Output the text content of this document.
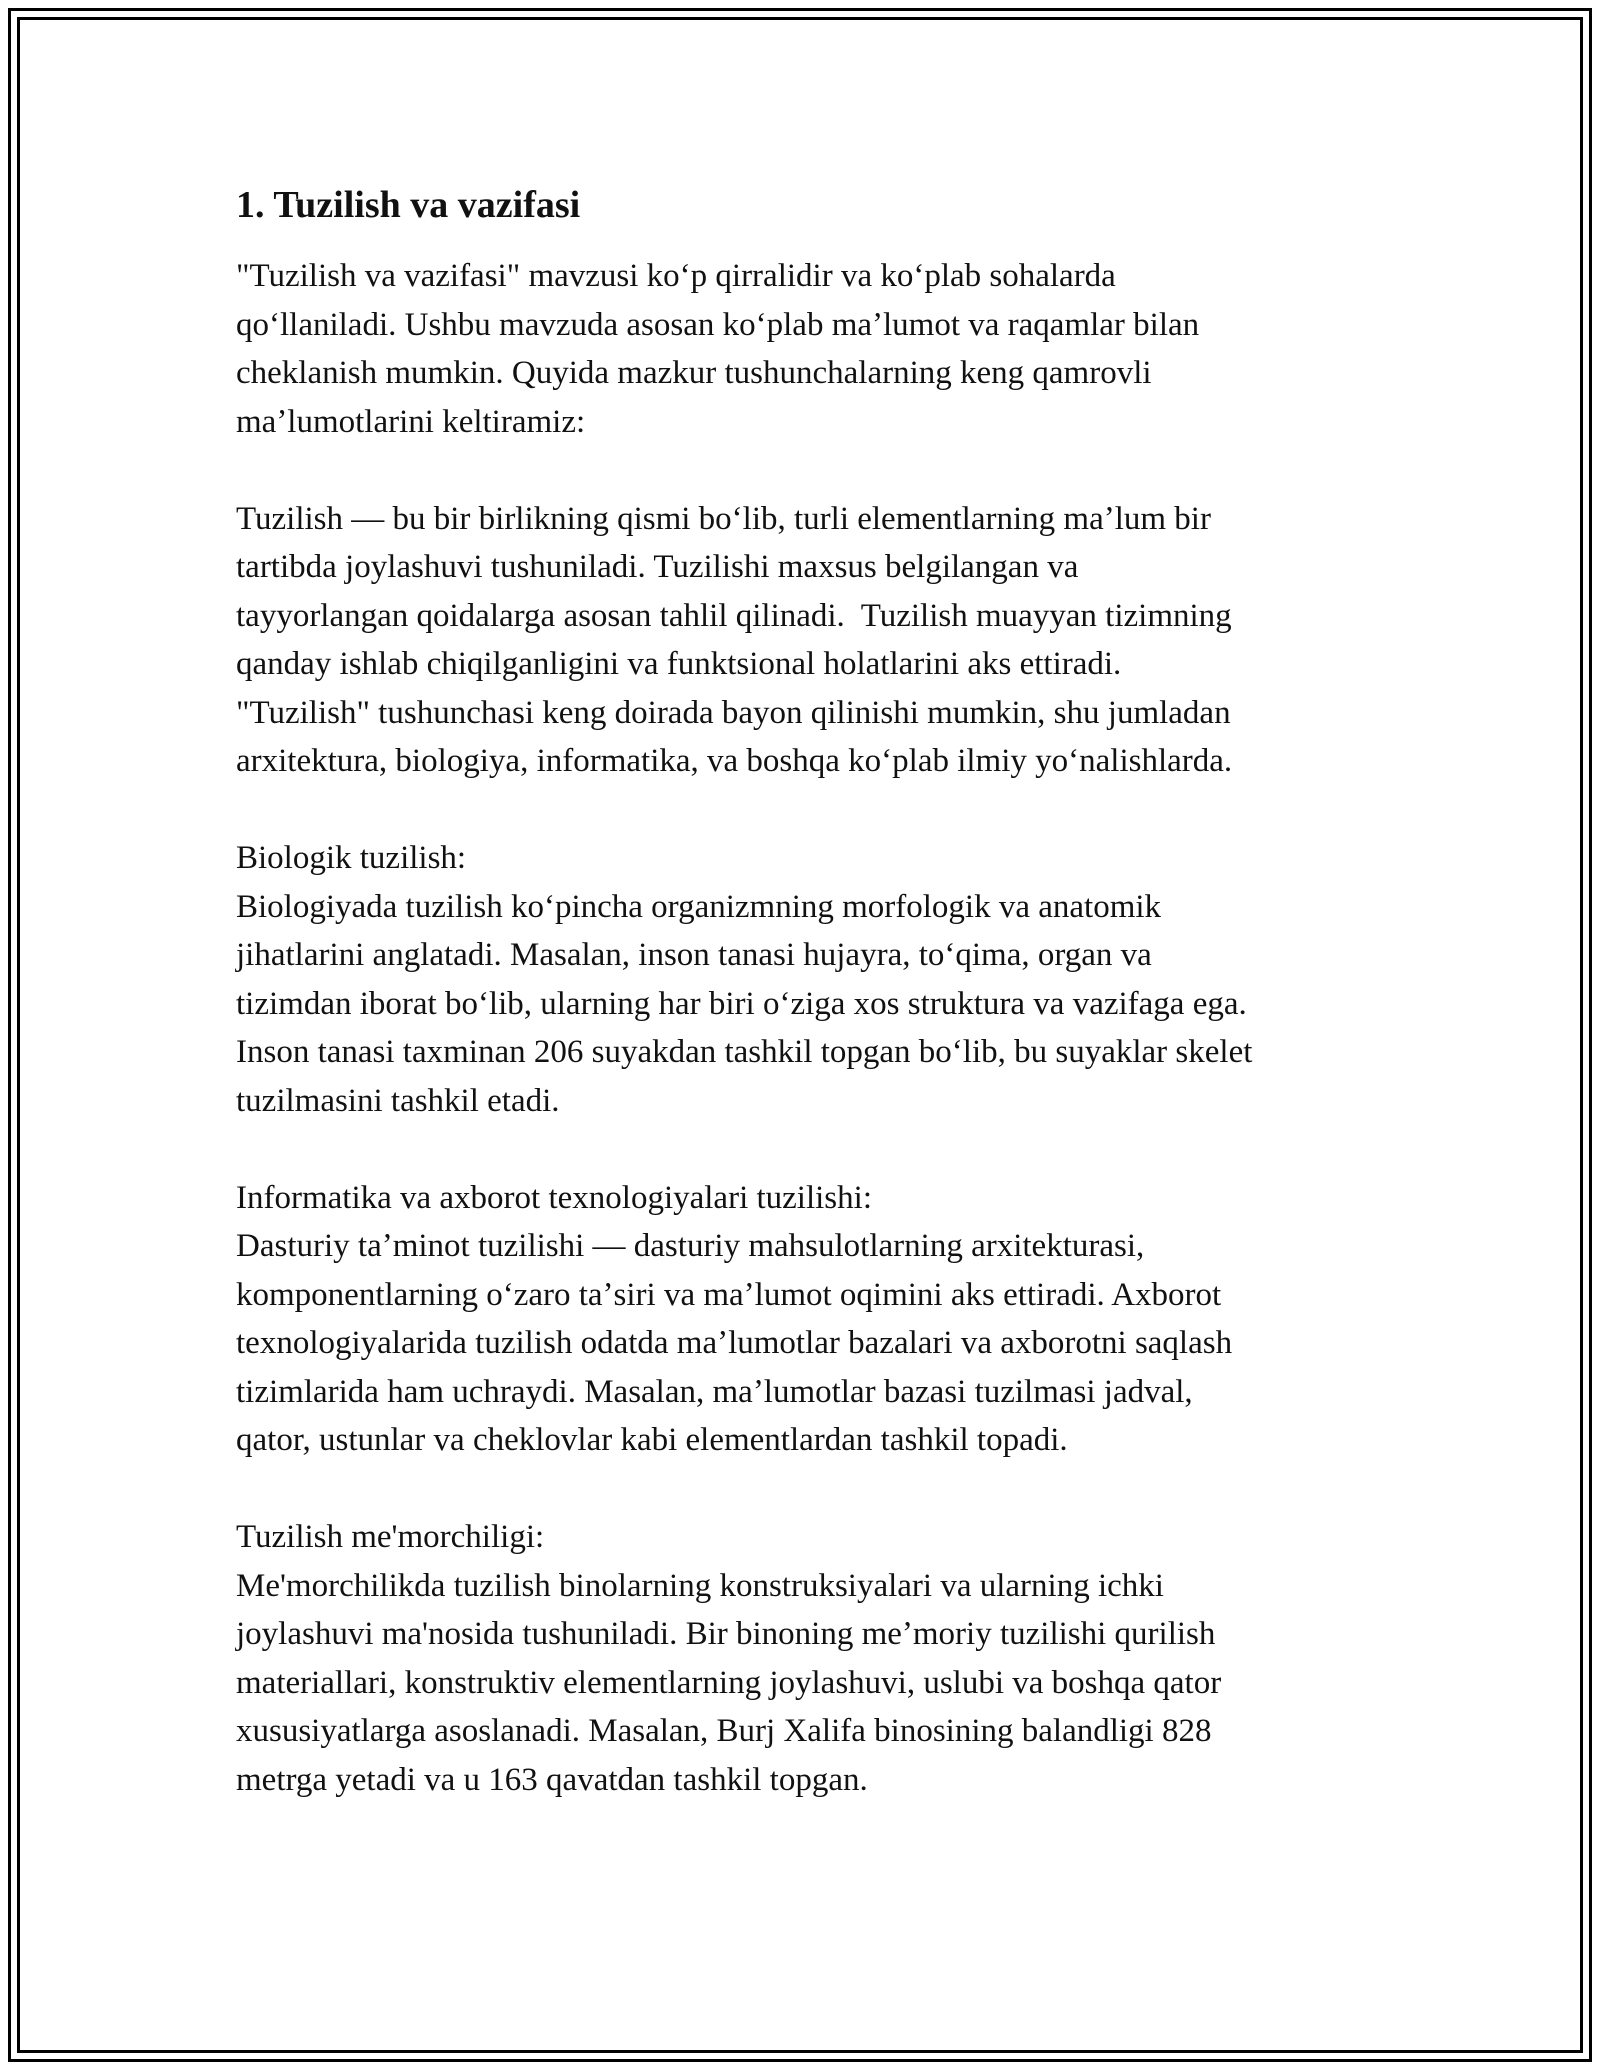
1. Tuzilish va vazifasi
"Tuzilish va vazifasi" mavzusi koʻp qirralidir va koʻplab sohalarda
qoʻllaniladi. Ushbu mavzuda asosan koʻplab maʼlumot va raqamlar bilan
cheklanish mumkin. Quyida mazkur tushunchalarning keng qamrovli
maʼlumotlarini keltiramiz:
Tuzilish — bu bir birlikning qismi boʻlib, turli elementlarning maʼlum bir
tartibda joylashuvi tushuniladi. Tuzilishi maxsus belgilangan va
tayyorlangan qoidalarga asosan tahlil qilinadi.  Tuzilish muayyan tizimning
qanday ishlab chiqilganligini va funktsional holatlarini aks ettiradi.
"Tuzilish" tushunchasi keng doirada bayon qilinishi mumkin, shu jumladan
arxitektura, biologiya, informatika, va boshqa koʻplab ilmiy yoʻnalishlarda.
Biologik tuzilish:
Biologiyada tuzilish koʻpincha organizmning morfologik va anatomik
jihatlarini anglatadi. Masalan, inson tanasi hujayra, toʻqima, organ va
tizimdan iborat boʻlib, ularning har biri oʻziga xos struktura va vazifaga ega.
Inson tanasi taxminan 206 suyakdan tashkil topgan boʻlib, bu suyaklar skelet
tuzilmasini tashkil etadi.
Informatika va axborot texnologiyalari tuzilishi:
Dasturiy taʼminot tuzilishi — dasturiy mahsulotlarning arxitekturasi,
komponentlarning oʻzaro taʼsiri va maʼlumot oqimini aks ettiradi. Axborot
texnologiyalarida tuzilish odatda maʼlumotlar bazalari va axborotni saqlash
tizimlarida ham uchraydi. Masalan, maʼlumotlar bazasi tuzilmasi jadval,
qator, ustunlar va cheklovlar kabi elementlardan tashkil topadi.
Tuzilish me'morchiligi:
Me'morchilikda tuzilish binolarning konstruksiyalari va ularning ichki
joylashuvi ma'nosida tushuniladi. Bir binoning meʼmoriy tuzilishi qurilish
materiallari, konstruktiv elementlarning joylashuvi, uslubi va boshqa qator
xususiyatlarga asoslanadi. Masalan, Burj Xalifa binosining balandligi 828
metrga yetadi va u 163 qavatdan tashkil topgan.
